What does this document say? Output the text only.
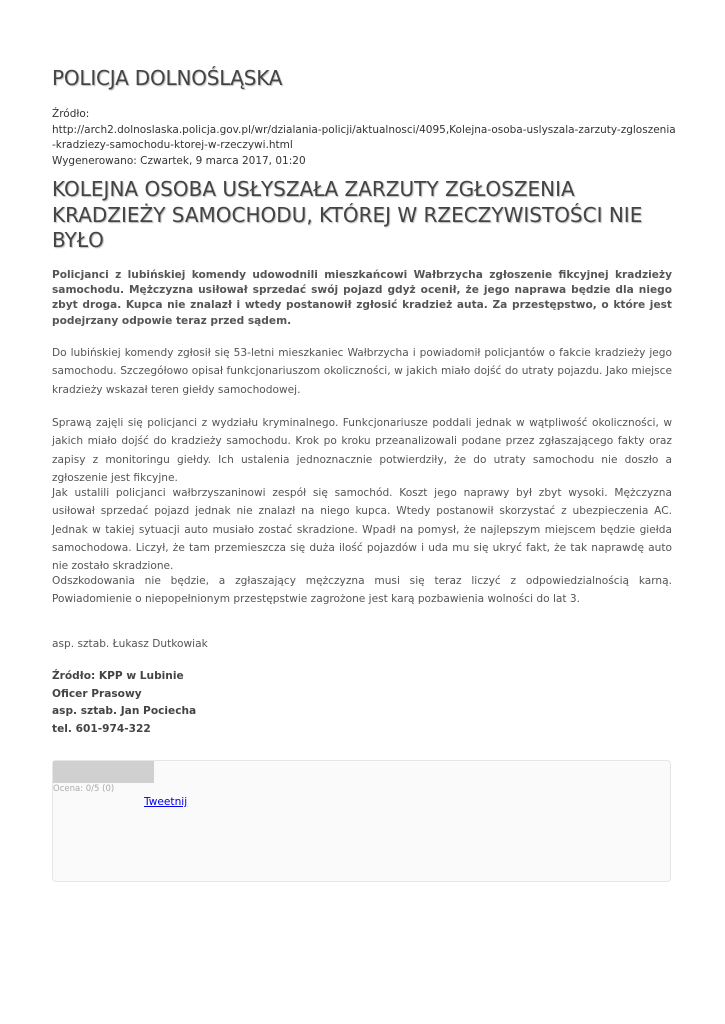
POLICJA DOLNOŚLĄSKA
Źródło:
http://arch2.dolnoslaska.policja.gov.pl/wr/dzialania-policji/aktualnosci/4095,Kolejna-osoba-uslyszala-zarzuty-zgloszenia-kradziezy-samochodu-ktorej-w-rzeczywi.html
Wygenerowano: Czwartek, 9 marca 2017, 01:20
KOLEJNA OSOBA USŁYSZAŁA ZARZUTY ZGŁOSZENIA KRADZIEŻY SAMOCHODU, KTÓREJ W RZECZYWISTOŚCI NIE BYŁO

Policjanci z lubińskiej komendy udowodnili mieszkańcowi Wałbrzycha zgłoszenie fikcyjnej kradzieży samochodu. Mężczyzna usiłował sprzedać swój pojazd gdyż ocenił, że jego naprawa będzie dla niego zbyt droga. Kupca nie znalazł i wtedy postanowił zgłosić kradzież auta. Za przestępstwo, o które jest podejrzany odpowie teraz przed sądem.

Do lubińskiej komendy zgłosił się 53-letni mieszkaniec Wałbrzycha i powiadomił policjantów o fakcie kradzieży jego samochodu. Szczegółowo opisał funkcjonariuszom okoliczności, w jakich miało dojść do utraty pojazdu. Jako miejsce kradzieży wskazał teren giełdy samochodowej.

Sprawą zajęli się policjanci z wydziału kryminalnego. Funkcjonariusze poddali jednak w wątpliwość okoliczności, w jakich miało dojść do kradzieży samochodu. Krok po kroku przeanalizowali podane przez zgłaszającego fakty oraz zapisy z monitoringu giełdy. Ich ustalenia jednoznacznie potwierdziły, że do utraty samochodu nie doszło a zgłoszenie jest fikcyjne.

Jak ustalili policjanci wałbrzyszaninowi zespół się samochód. Koszt jego naprawy był zbyt wysoki. Mężczyzna usiłował sprzedać pojazd jednak nie znalazł na niego kupca. Wtedy postanowił skorzystać z ubezpieczenia AC. Jednak w takiej sytuacji auto musiało zostać skradzione. Wpadł na pomysł, że najlepszym miejscem będzie giełda samochodowa. Liczył, że tam przemieszcza się duża ilość pojazdów i uda mu się ukryć fakt, że tak naprawdę auto nie zostało skradzione.

Odszkodowania nie będzie, a zgłaszający mężczyzna musi się teraz liczyć z odpowiedzialnością karną. Powiadomienie o niepopełnionym przestępstwie zagrożone jest karą pozbawienia wolności do lat 3.

asp. sztab. Łukasz Dutkowiak

Źródło: KPP w Lubinie
Oficer Prasowy
asp. sztab. Jan Pociecha
tel. 601-974-322
Ocena: 0/5 (0)
Tweetnij
